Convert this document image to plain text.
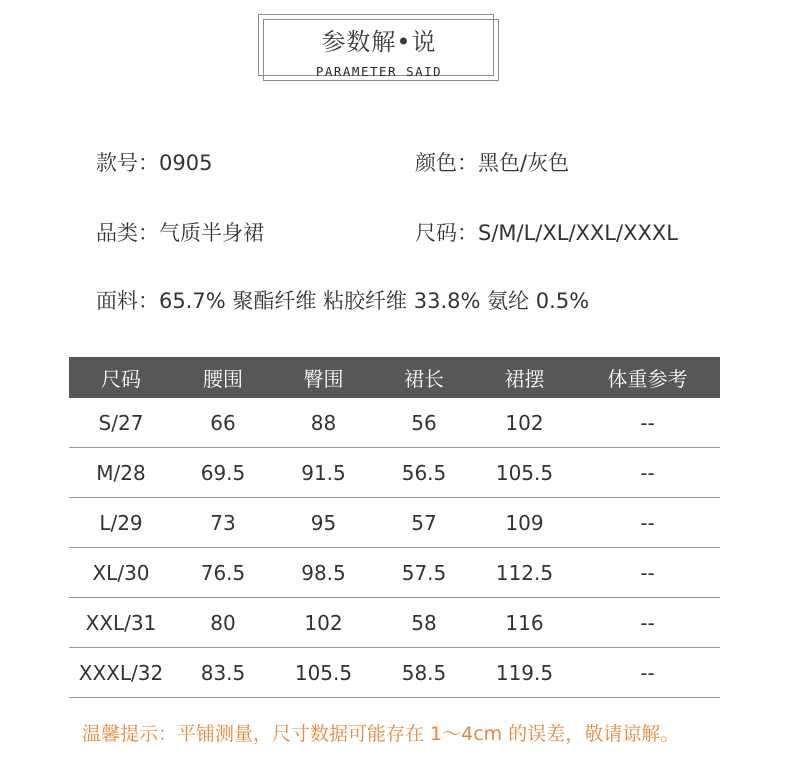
参数解•说
PARAMETER SAID
款号：0905	颜色：黑色/灰色
品类：气质半身裙	尺码：S/M/L/XL/XXL/XXXL
面料：65.7% 聚酯纤维 粘胶纤维 33.8% 氨纶 0.5%
尺码	腰围	臀围	裙长	裙摆	体重参考
S/27	66	88	56	102	--
M/28	69.5	91.5	56.5	105.5	--
L/29	73	95	57	109	--
XL/30	76.5	98.5	57.5	112.5	--
XXL/31	80	102	58	116	--
XXXL/32	83.5	105.5	58.5	119.5	--
温馨提示：平铺测量，尺寸数据可能存在 1～4cm 的误差，敬请谅解。
